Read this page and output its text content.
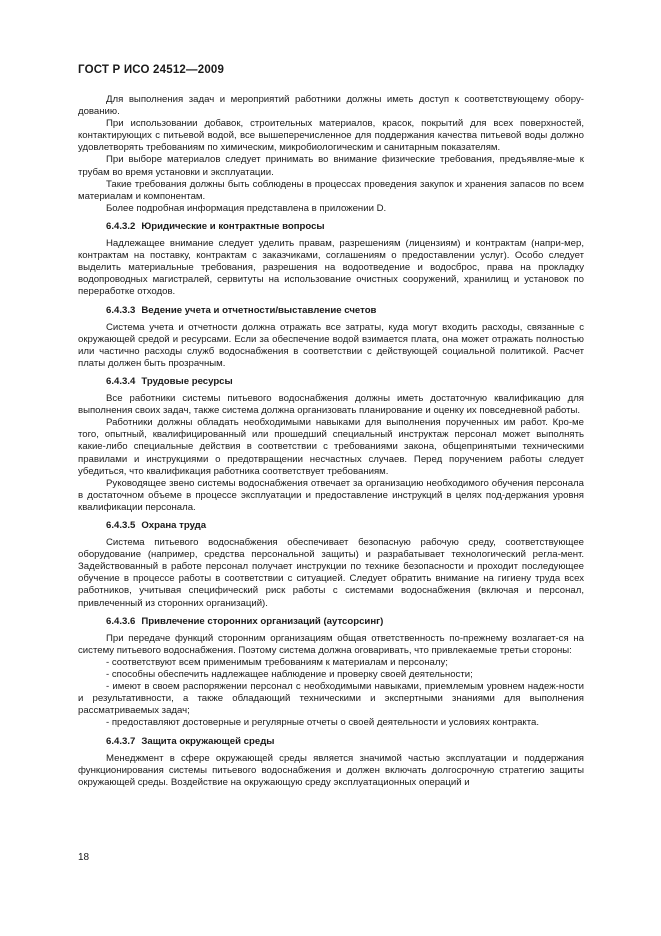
ГОСТ Р ИСО 24512—2009

Для выполнения задач и мероприятий работники должны иметь доступ к соответствующему обору-дованию.

При использовании добавок, строительных материалов, красок, покрытий для всех поверхностей, контактирующих с питьевой водой, все вышеперечисленное для поддержания качества питьевой воды должно удовлетворять требованиям по химическим, микробиологическим и санитарным показателям.

При выборе материалов следует принимать во внимание физические требования, предъявляе-мые к трубам во время установки и эксплуатации.

Такие требования должны быть соблюдены в процессах проведения закупок и хранения запасов по всем материалам и компонентам.

Более подробная информация представлена в приложении D.

6.4.3.2 Юридические и контрактные вопросы

Надлежащее внимание следует уделить правам, разрешениям (лицензиям) и контрактам (напри-мер, контрактам на поставку, контрактам с заказчиками, соглашениям о предоставлении услуг). Особо следует выделить материальные требования, разрешения на водоотведение и водосброс, права на прокладку водопроводных магистралей, сервитуты на использование очистных сооружений, хранилищ и установок по переработке отходов.

6.4.3.3 Ведение учета и отчетности/выставление счетов

Система учета и отчетности должна отражать все затраты, куда могут входить расходы, связанные с окружающей средой и ресурсами. Если за обеспечение водой взимается плата, она может отражать полностью или частично расходы служб водоснабжения в соответствии с действующей социальной политикой. Расчет платы должен быть прозрачным.

6.4.3.4 Трудовые ресурсы

Все работники системы питьевого водоснабжения должны иметь достаточную квалификацию для выполнения своих задач, также система должна организовать планирование и оценку их повседневной работы.

Работники должны обладать необходимыми навыками для выполнения порученных им работ. Кро-ме того, опытный, квалифицированный или прошедший специальный инструктаж персонал может выполнять какие-либо специальные действия в соответствии с требованиями закона, общепринятыми техническими правилами и инструкциями о предотвращении несчастных случаев. Перед поручением работы следует убедиться, что квалификация работника соответствует требованиям.

Руководящее звено системы водоснабжения отвечает за организацию необходимого обучения персонала в достаточном объеме в процессе эксплуатации и предоставление инструкций в целях под-держания уровня квалификации персонала.

6.4.3.5 Охрана труда

Система питьевого водоснабжения обеспечивает безопасную рабочую среду, соответствующее оборудование (например, средства персональной защиты) и разрабатывает технологический регла-мент. Задействованный в работе персонал получает инструкции по технике безопасности и проходит последующее обучение в процессе работы в соответствии с ситуацией. Следует обратить внимание на гигиену труда всех работников, учитывая специфический риск работы с системами водоснабжения (включая и персонал, привлеченный из сторонних организаций).

6.4.3.6 Привлечение сторонних организаций (аутсорсинг)

При передаче функций сторонним организациям общая ответственность по-прежнему возлагает-ся на систему питьевого водоснабжения. Поэтому система должна оговаривать, что привлекаемые третьи стороны:

- соответствуют всем применимым требованиям к материалам и персоналу;

- способны обеспечить надлежащее наблюдение и проверку своей деятельности;

- имеют в своем распоряжении персонал с необходимыми навыками, приемлемым уровнем надеж-ности и результативности, а также обладающий техническими и экспертными знаниями для выполнения рассматриваемых задач;

- предоставляют достоверные и регулярные отчеты о своей деятельности и условиях контракта.

6.4.3.7 Защита окружающей среды

Менеджмент в сфере окружающей среды является значимой частью эксплуатации и поддержания функционирования системы питьевого водоснабжения и должен включать долгосрочную стратегию защиты окружающей среды. Воздействие на окружающую среду эксплуатационных операций и

18
